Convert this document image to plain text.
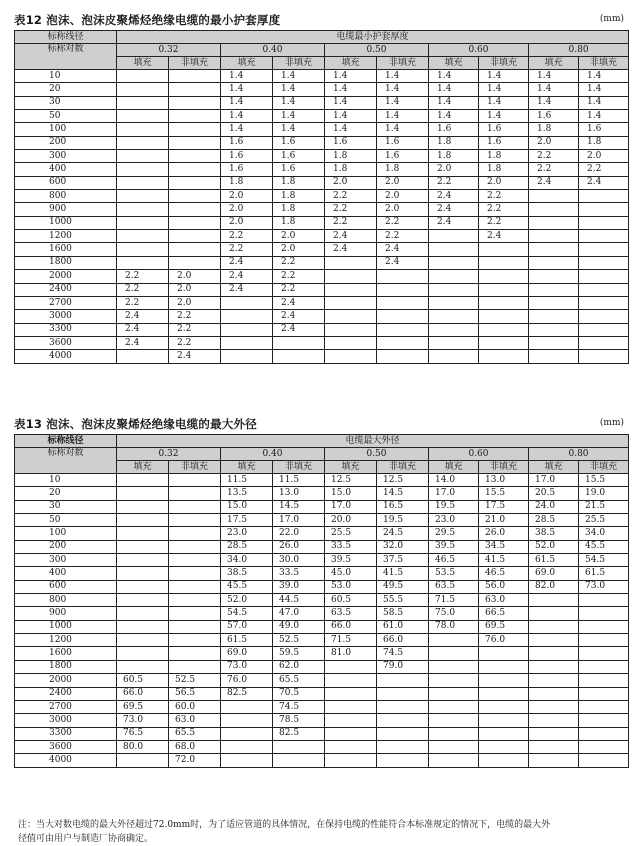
表12 泡沫、泡沫皮聚烯烃绝缘电缆的最小护套厚度	(mm)
标称线径	电缆最小护套厚度									
标称对数	0.32		0.40		0.50		0.60		0.80	
	填充	非填充	填充	非填充	填充	非填充	填充	非填充	填充	非填充
10			1.4	1.4	1.4	1.4	1.4	1.4	1.4	1.4
20			1.4	1.4	1.4	1.4	1.4	1.4	1.4	1.4
30			1.4	1.4	1.4	1.4	1.4	1.4	1.4	1.4
50			1.4	1.4	1.4	1.4	1.4	1.4	1.6	1.4
100			1.4	1.4	1.4	1.4	1.6	1.6	1.8	1.6
200			1.6	1.6	1.6	1.6	1.8	1.6	2.0	1.8
300			1.6	1.6	1.8	1.6	1.8	1.8	2.2	2.0
400			1.6	1.6	1.8	1.8	2.0	1.8	2.2	2.2
600			1.8	1.8	2.0	2.0	2.2	2.0	2.4	2.4
800			2.0	1.8	2.2	2.0	2.4	2.2		
900			2.0	1.8	2.2	2.0	2.4	2.2		
1000			2.0	1.8	2.2	2.2	2.4	2.2		
1200			2.2	2.0	2.4	2.2		2.4		
1600			2.2	2.0	2.4	2.4				
1800			2.4	2.2		2.4				
2000	2.2	2.0	2.4	2.2						
2400	2.2	2.0	2.4	2.2						
2700	2.2	2.0		2.4						
3000	2.4	2.2		2.4						
3300	2.4	2.2		2.4						
3600	2.4	2.2								
4000		2.4								
表13 泡沫、泡沫皮聚烯烃绝缘电缆的最大外径	(mm)
标称线径	电缆最大外径									
标称对数	0.32		0.40		0.50		0.60		0.80	
	填充	非填充	填充	非填充	填充	非填充	填充	非填充	填充	非填充
10			11.5	11.5	12.5	12.5	14.0	13.0	17.0	15.5
20			13.5	13.0	15.0	14.5	17.0	15.5	20.5	19.0
30			15.0	14.5	17.0	16.5	19.5	17.5	24.0	21.5
50			17.5	17.0	20.0	19.5	23.0	21.0	28.5	25.5
100			23.0	22.0	25.5	24.5	29.5	26.0	38.5	34.0
200			28.5	26.0	33.5	32.0	39.5	34.5	52.0	45.5
300			34.0	30.0	39.5	37.5	46.5	41.5	61.5	54.5
400			38.5	33.5	45.0	41.5	53.5	46.5	69.0	61.5
600			45.5	39.0	53.0	49.5	63.5	56.0	82.0	73.0
800			52.0	44.5	60.5	55.5	71.5	63.0		
900			54.5	47.0	63.5	58.5	75.0	66.5		
1000			57.0	49.0	66.0	61.0	78.0	69.5		
1200			61.5	52.5	71.5	66.0		76.0		
1600			69.0	59.5	81.0	74.5				
1800			73.0	62.0		79.0				
2000	60.5	52.5	76.0	65.5						
2400	66.0	56.5	82.5	70.5						
2700	69.5	60.0		74.5						
3000	73.0	63.0		78.5						
3300	76.5	65.5		82.5						
3600	80.0	68.0								
4000		72.0								
注：当大对数电缆的最大外径超过72.0mm时，为了适应管道的具体情况，在保持电缆的性能符合本标准规定的情况下，电缆的最大外
径值可由用户与制造厂协商确定。
